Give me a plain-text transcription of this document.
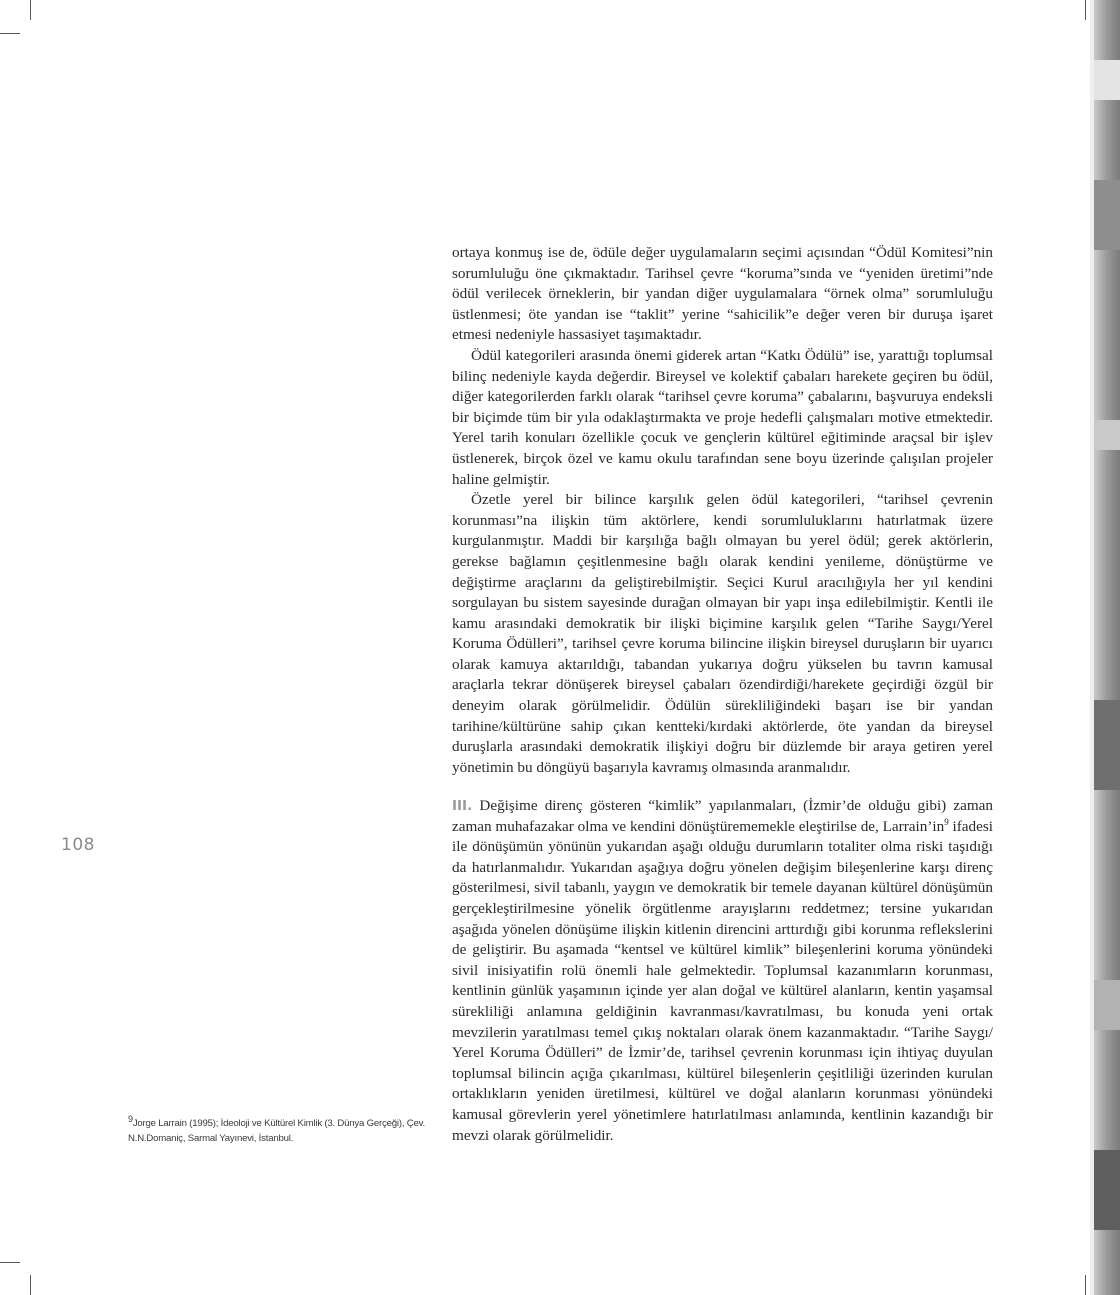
108

ortaya konmuş ise de, ödüle değer uygulamaların seçimi açısından “Ödül Komitesi”nin sorumluluğu öne çıkmaktadır. Tarihsel çevre “koruma”sında ve “yeniden üretimi”nde ödül verilecek örneklerin, bir yandan diğer uygulamalara “örnek olma” sorumluluğu üstlenmesi; öte yandan ise “taklit” yerine “sahicilik”e değer veren bir duruşa işaret etmesi nedeniyle hassasiyet taşımaktadır.

Ödül kategorileri arasında önemi giderek artan “Katkı Ödülü” ise, yarattığı toplumsal bilinç nedeniyle kayda değerdir. Bireysel ve kolektif çabaları harekete geçiren bu ödül, diğer kategorilerden farklı olarak “tarihsel çevre koruma” çabalarını, başvuruya endeksli bir biçimde tüm bir yıla odaklaştırmakta ve proje hedefli çalışmaları motive etmektedir. Yerel tarih konuları özellikle çocuk ve gençlerin kültürel eğitiminde araçsal bir işlev üstlenerek, birçok özel ve kamu okulu tarafından sene boyu üzerinde çalışılan projeler haline gelmiştir.

Özetle yerel bir bilince karşılık gelen ödül kategorileri, “tarihsel çevrenin korunması”na ilişkin tüm aktörlere, kendi sorumluluklarını hatırlatmak üzere kurgulanmıştır. Maddi bir karşılığa bağlı olmayan bu yerel ödül; gerek aktörlerin, gerekse bağlamın çeşitlenmesine bağlı olarak kendini yenileme, dönüştürme ve değiştirme araçlarını da geliştirebilmiştir. Seçici Kurul aracılığıyla her yıl kendini sorgulayan bu sistem sayesinde durağan olmayan bir yapı inşa edilebilmiştir. Kentli ile kamu arasındaki demokratik bir ilişki biçimine karşılık gelen “Tarihe Saygı/Yerel Koruma Ödülleri”, tarihsel çevre koruma bilincine ilişkin bireysel duruşların bir uyarıcı olarak kamuya aktarıldığı, tabandan yukarıya doğru yükselen bu tavrın kamusal araçlarla tekrar dönüşerek bireysel çabaları özendirdiği/harekete geçirdiği özgül bir deneyim olarak görülmelidir. Ödülün sürekliliğindeki başarı ise bir yandan tarihine/kültürüne sahip çıkan kentteki/kırdaki aktörlerde, öte yandan da bireysel duruşlarla arasındaki demokratik ilişkiyi doğru bir düzlemde bir araya getiren yerel yönetimin bu döngüyü başarıyla kavramış olmasında aranmalıdır.

III. Değişime direnç gösteren “kimlik” yapılanmaları, (İzmir’de olduğu gibi) zaman zaman muhafazakar olma ve kendini dönüştürememekle eleştirilse de, $Larrain’in^9$ ifadesi ile dönüşümün yönünün yukarıdan aşağı olduğu durumların totaliter olma riski taşıdığı da hatırlanmalıdır. Yukarıdan aşağıya doğru yönelen değişim bileşenlerine karşı direnç gösterilmesi, sivil tabanlı, yaygın ve demokratik bir temele dayanan kültürel dönüşümün gerçekleştirilmesine yönelik örgütlenme arayışlarını reddetmez; tersine yukarıdan aşağıda yönelen dönüşüme ilişkin kitlenin direncini arttırdığı gibi korunma reflekslerini de geliştirir. Bu aşamada “kentsel ve kültürel kimlik” bileşenlerini koruma yönündeki sivil inisiyatifin rolü önemli hale gelmektedir. Toplumsal kazanımların korunması, kentlinin günlük yaşamının içinde yer alan doğal ve kültürel alanların, kentin yaşamsal sürekliliği anlamına geldiğinin kavranması/kavratılması, bu konuda yeni ortak mevzilerin yaratılması temel çıkış noktaları olarak önem kazanmaktadır. “Tarihe Saygı/ Yerel Koruma Ödülleri” de İzmir’de, tarihsel çevrenin korunması için ihtiyaç duyulan toplumsal bilincin açığa çıkarılması, kültürel bileşenlerin çeşitliliği üzerinden kurulan ortaklıkların yeniden üretilmesi, kültürel ve doğal alanların korunması yönündeki kamusal görevlerin yerel yönetimlere hatırlatılması anlamında, kentlinin kazandığı bir mevzi olarak görülmelidir.

$^9$Jorge Larrain (1995); İdeoloji ve Kültürel Kimlik (3. Dünya Gerçeği), Çev. N.N.Domaniç, Sarmal Yayınevi, İstanbul.
